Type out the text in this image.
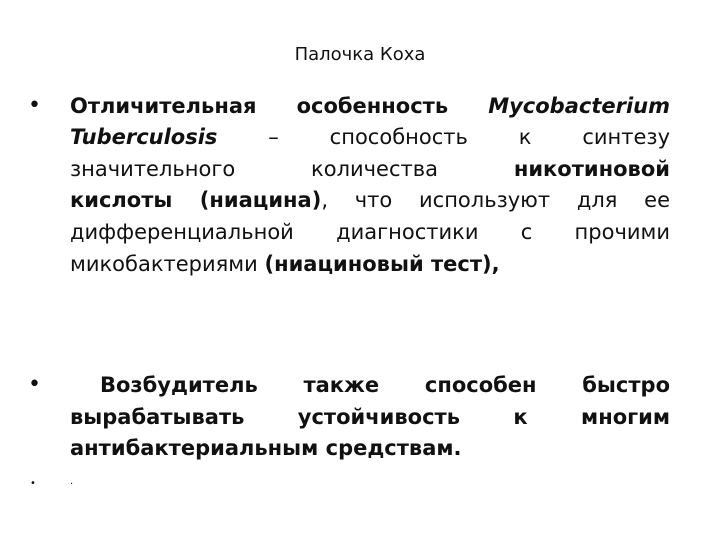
Палочка Коха
• Отличительная особенность Mycobacterium
Tuberculosis – способность к синтезу
значительного количества никотиновой
кислоты (ниацина), что используют для ее
дифференциальной диагностики с прочими
микобактериями (ниациновый тест),
•	Возбудитель также способен быстро
вырабатывать устойчивость к многим
антибактериальным средствам.
•	.
